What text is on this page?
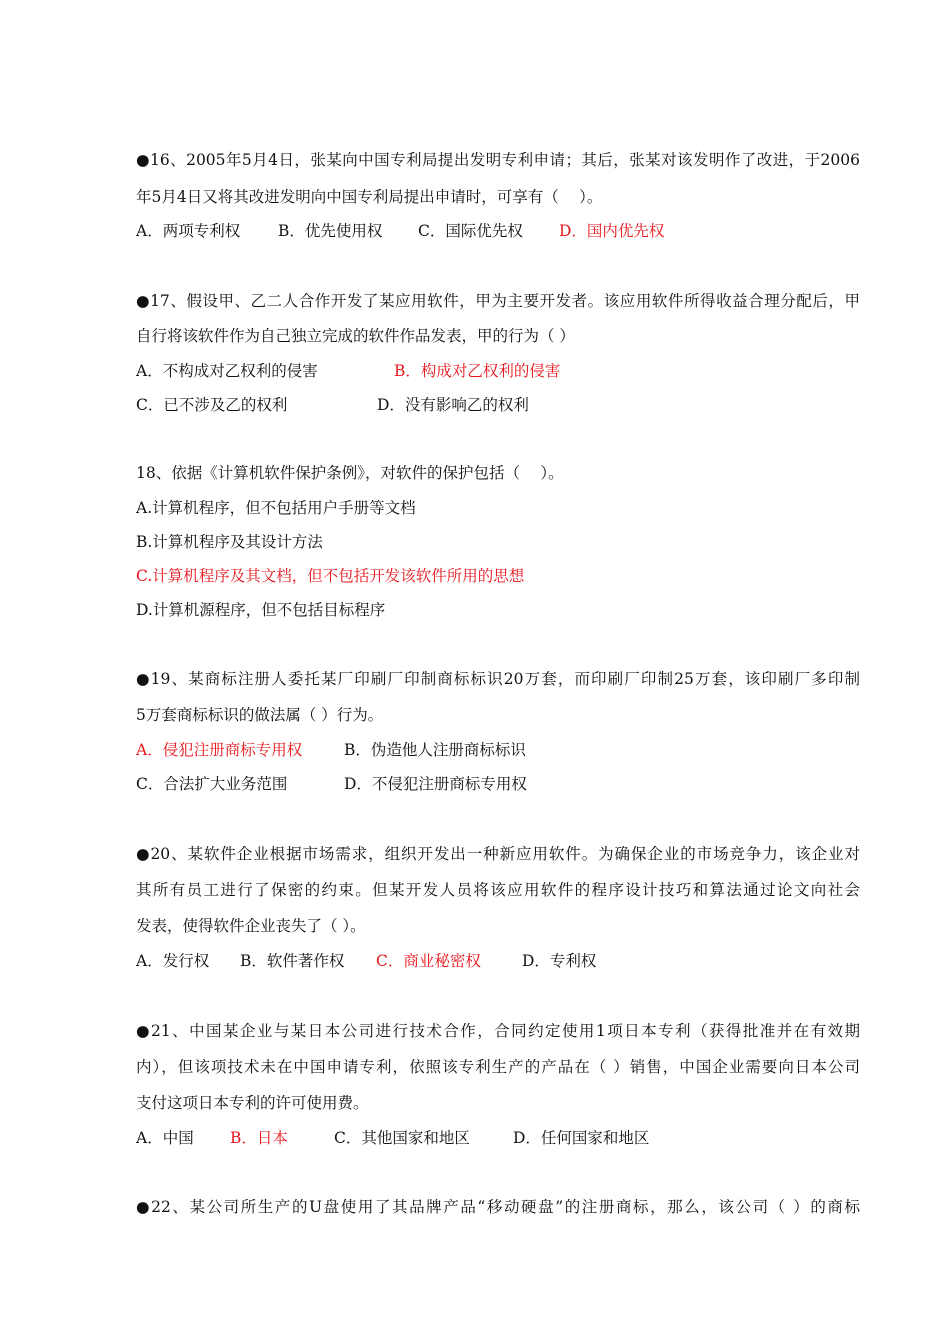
●16、2005年5月4日，张某向中国专利局提出发明专利申请；其后，张某对该发明作了改进，于2006
年5月4日又将其改进发明向中国专利局提出申请时，可享有（　 ）。
A．两项专利权 B．优先使用权 C．国际优先权 D．国内优先权
●17、假设甲、乙二人合作开发了某应用软件，甲为主要开发者。该应用软件所得收益合理分配后，甲
自行将该软件作为自己独立完成的软件作品发表，甲的行为（ ）
A．不构成对乙权利的侵害	B．构成对乙权利的侵害
C．已不涉及乙的权利	D．没有影响乙的权利
18、依据《计算机软件保护条例》，对软件的保护包括（　 ）。
A.计算机程序，但不包括用户手册等文档
B.计算机程序及其设计方法
C.计算机程序及其文档，但不包括开发该软件所用的思想
D.计算机源程序，但不包括目标程序
●19、某商标注册人委托某厂印刷厂印制商标标识20万套，而印刷厂印制25万套，该印刷厂多印制
5万套商标标识的做法属（ ）行为。
A．侵犯注册商标专用权	B．伪造他人注册商标标识
C．合法扩大业务范围	D．不侵犯注册商标专用权
●20、某软件企业根据市场需求，组织开发出一种新应用软件。为确保企业的市场竞争力，该企业对
其所有员工进行了保密的约束。但某开发人员将该应用软件的程序设计技巧和算法通过论文向社会
发表，使得软件企业丧失了（ ）。
A．发行权 B．软件著作权 C．商业秘密权	D．专利权
●21、中国某企业与某日本公司进行技术合作，合同约定使用1项日本专利（获得批准并在有效期
内），但该项技术未在中国申请专利，依照该专利生产的产品在（ ）销售，中国企业需要向日本公司
支付这项日本专利的许可使用费。
A．中国 B．日本	C．其他国家和地区	D．任何国家和地区
●22、某公司所生产的U盘使用了其品牌产品“移动硬盘”的注册商标，那么，该公司（ ）的商标
